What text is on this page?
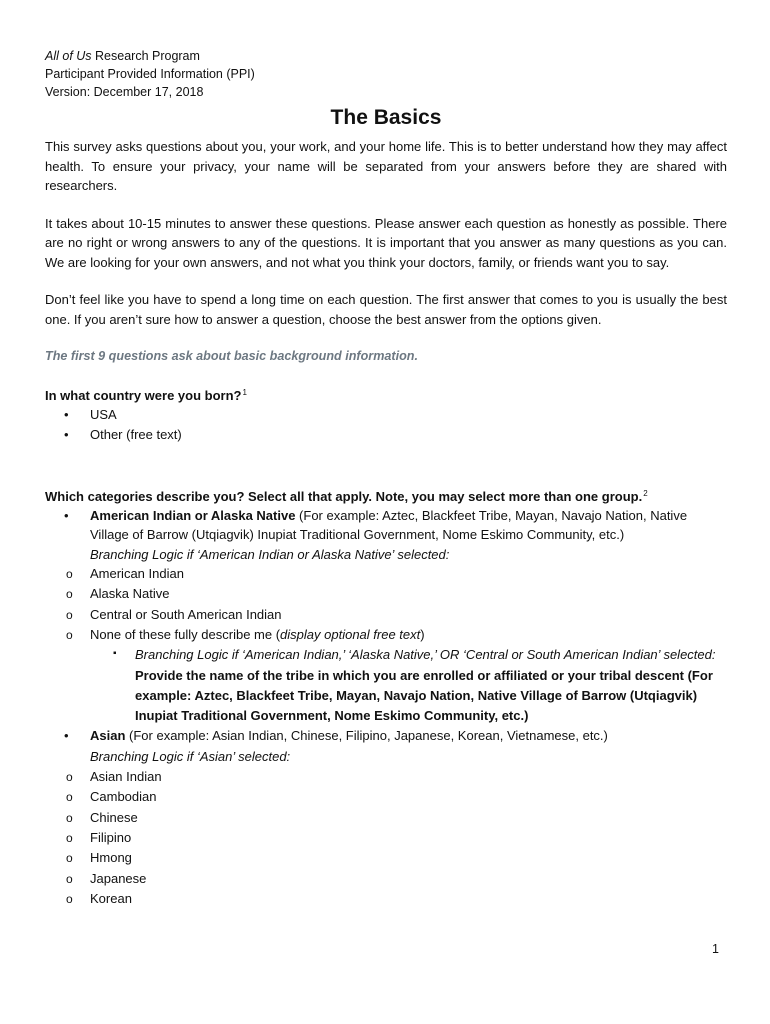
All of Us Research Program
Participant Provided Information (PPI)
Version: December 17, 2018
The Basics

This survey asks questions about you, your work, and your home life. This is to better understand how they may affect health. To ensure your privacy, your name will be separated from your answers before they are shared with researchers.

It takes about 10-15 minutes to answer these questions. Please answer each question as honestly as possible. There are no right or wrong answers to any of the questions. It is important that you answer as many questions as you can. We are looking for your own answers, and not what you think your doctors, family, or friends want you to say.

Don’t feel like you have to spend a long time on each question. The first answer that comes to you is usually the best one. If you aren’t sure how to answer a question, choose the best answer from the options given.

The first 9 questions ask about basic background information.
In what country were you born?$^1$
• USA
• Other (free text)
Which categories describe you? Select all that apply. Note, you may select more than one group.$^2$
• American Indian or Alaska Native (For example: Aztec, Blackfeet Tribe, Mayan, Navajo Nation, Native Village of Barrow (Utqiagvik) Inupiat Traditional Government, Nome Eskimo Community, etc.)
Branching Logic if ‘American Indian or Alaska Native’ selected:
o American Indian
o Alaska Native
o Central or South American Indian
o None of these fully describe me (display optional free text)
▪ Branching Logic if ‘American Indian,’ ‘Alaska Native,’ OR ‘Central or South American Indian’ selected: Provide the name of the tribe in which you are enrolled or affiliated or your tribal descent (For example: Aztec, Blackfeet Tribe, Mayan, Navajo Nation, Native Village of Barrow (Utqiagvik) Inupiat Traditional Government, Nome Eskimo Community, etc.)
• Asian (For example: Asian Indian, Chinese, Filipino, Japanese, Korean, Vietnamese, etc.)
Branching Logic if ‘Asian’ selected:
o Asian Indian
o Cambodian
o Chinese
o Filipino
o Hmong
o Japanese
o Korean
1
